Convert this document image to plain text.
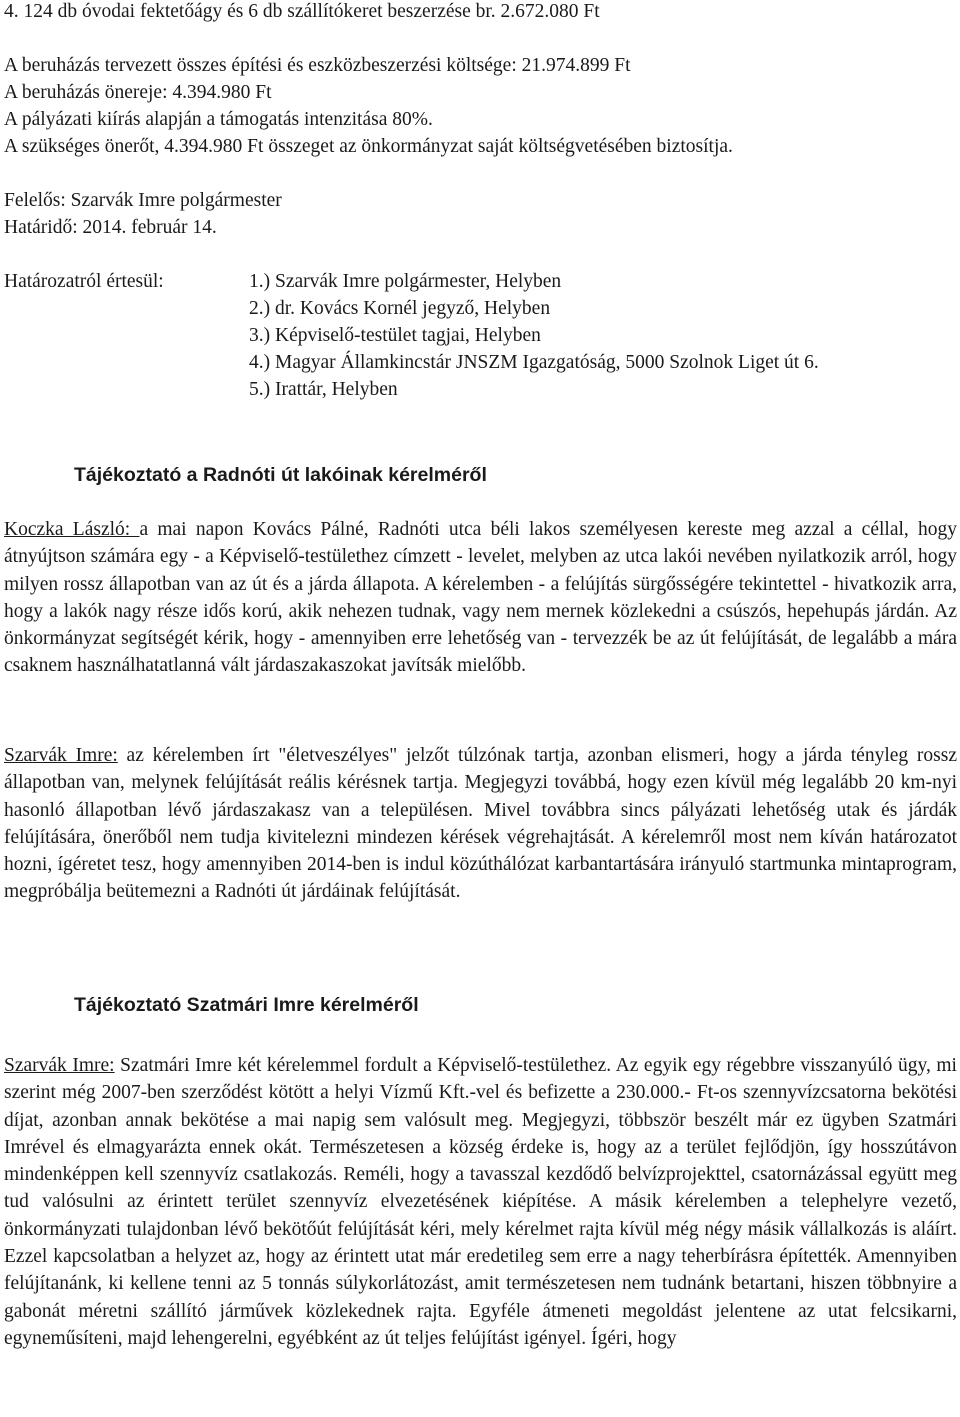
4. 124 db óvodai fektetőágy és 6 db szállítókeret beszerzése br. 2.672.080 Ft

A beruházás tervezett összes építési és eszközbeszerzési költsége: 21.974.899 Ft

A beruházás önereje: 4.394.980 Ft

A pályázati kiírás alapján a támogatás intenzitása 80%.

A szükséges önerőt, 4.394.980 Ft összeget az önkormányzat saját költségvetésében biztosítja.

Felelős: Szarvák Imre polgármester

Határidő: 2014. február 14.

Határozatról értesül:	1.) Szarvák Imre polgármester, Helyben
2.) dr. Kovács Kornél jegyző, Helyben
3.) Képviselő-testület tagjai, Helyben
4.) Magyar Államkincstár JNSZM Igazgatóság, 5000 Szolnok Liget út 6.
5.) Irattár, Helyben
Tájékoztató a Radnóti út lakóinak kérelméről

Koczka László: a mai napon Kovács Pálné, Radnóti utca béli lakos személyesen kereste meg azzal a céllal, hogy átnyújtson számára egy - a Képviselő-testülethez címzett - levelet, melyben az utca lakói nevében nyilatkozik arról, hogy milyen rossz állapotban van az út és a járda állapota. A kérelemben - a felújítás sürgősségére tekintettel - hivatkozik arra, hogy a lakók nagy része idős korú, akik nehezen tudnak, vagy nem mernek közlekedni a csúszós, hepehupás járdán. Az önkormányzat segítségét kérik, hogy - amennyiben erre lehetőség van - tervezzék be az út felújítását, de legalább a mára csaknem használhatatlanná vált járdaszakaszokat javítsák mielőbb.

Szarvák Imre: az kérelemben írt "életveszélyes" jelzőt túlzónak tartja, azonban elismeri, hogy a járda tényleg rossz állapotban van, melynek felújítását reális kérésnek tartja. Megjegyzi továbbá, hogy ezen kívül még legalább 20 km-nyi hasonló állapotban lévő járdaszakasz van a településen. Mivel továbbra sincs pályázati lehetőség utak és járdák felújítására, önerőből nem tudja kivitelezni mindezen kérések végrehajtását. A kérelemről most nem kíván határozatot hozni, ígéretet tesz, hogy amennyiben 2014-ben is indul közúthálózat karbantartására irányuló startmunka mintaprogram, megpróbálja beütemezni a Radnóti út járdáinak felújítását.

Tájékoztató Szatmári Imre kérelméről

Szarvák Imre: Szatmári Imre két kérelemmel fordult a Képviselő-testülethez. Az egyik egy régebbre visszanyúló ügy, mi szerint még 2007-ben szerződést kötött a helyi Vízmű Kft.-vel és befizette a 230.000.- Ft-os szennyvízcsatorna bekötési díjat, azonban annak bekötése a mai napig sem valósult meg. Megjegyzi, többször beszélt már ez ügyben Szatmári Imrével és elmagyarázta ennek okát. Természetesen a község érdeke is, hogy az a terület fejlődjön, így hosszútávon mindenképpen kell szennyvíz csatlakozás. Reméli, hogy a tavasszal kezdődő belvízprojekttel, csatornázással együtt meg tud valósulni az érintett terület szennyvíz elvezetésének kiépítése. A másik kérelemben a telephelyre vezető, önkormányzati tulajdonban lévő bekötőút felújítását kéri, mely kérelmet rajta kívül még négy másik vállalkozás is aláírt. Ezzel kapcsolatban a helyzet az, hogy az érintett utat már eredetileg sem erre a nagy teherbírásra építették. Amennyiben felújítanánk, ki kellene tenni az 5 tonnás súlykorlátozást, amit természetesen nem tudnánk betartani, hiszen többnyire a gabonát méretni szállító járművek közlekednek rajta. Egyféle átmeneti megoldást jelentene az utat felcsikarni, egyneműsíteni, majd lehengerelni, egyébként az út teljes felújítást igényel. Ígéri, hogy
